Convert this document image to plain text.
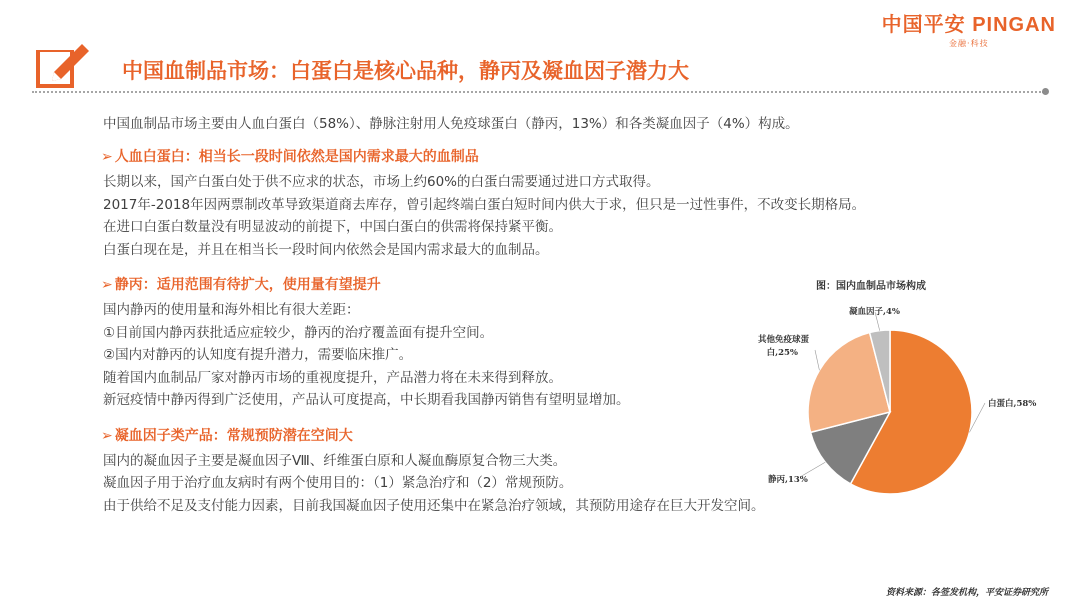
中国平安 PINGAN
金融·科技
中国血制品市场：白蛋白是核心品种，静丙及凝血因子潜力大

中国血制品市场主要由人血白蛋白（58%）、静脉注射用人免疫球蛋白（静丙，13%）和各类凝血因子（4%）构成。

➢ 人血白蛋白：相当长一段时间依然是国内需求最大的血制品
长期以来，国产白蛋白处于供不应求的状态，市场上约60%的白蛋白需要通过进口方式取得。
2017年-2018年因两票制改革导致渠道商去库存，曾引起终端白蛋白短时间内供大于求，但只是一过性事件，不改变长期格局。
在进口白蛋白数量没有明显波动的前提下，中国白蛋白的供需将保持紧平衡。
白蛋白现在是，并且在相当长一段时间内依然会是国内需求最大的血制品。
➢ 静丙：适用范围有待扩大，使用量有望提升
国内静丙的使用量和海外相比有很大差距：
①目前国内静丙获批适应症较少，静丙的治疗覆盖面有提升空间。
②国内对静丙的认知度有提升潜力，需要临床推广。
随着国内血制品厂家对静丙市场的重视度提升，产品潜力将在未来得到释放。
新冠疫情中静丙得到广泛使用，产品认可度提高，中长期看我国静丙销售有望明显增加。
➢ 凝血因子类产品：常规预防潜在空间大
国内的凝血因子主要是凝血因子Ⅷ、纤维蛋白原和人凝血酶原复合物三大类。
凝血因子用于治疗血友病时有两个使用目的：（1）紧急治疗和（2）常规预防。
由于供给不足及支付能力因素，目前我国凝血因子使用还集中在紧急治疗领域，其预防用途存在巨大开发空间。
图：国内血制品市场构成
白蛋白,58%
静丙,13%
其他免疫球蛋 白,25%
凝血因子,4%
资料来源：各签发机构，平安证券研究所
